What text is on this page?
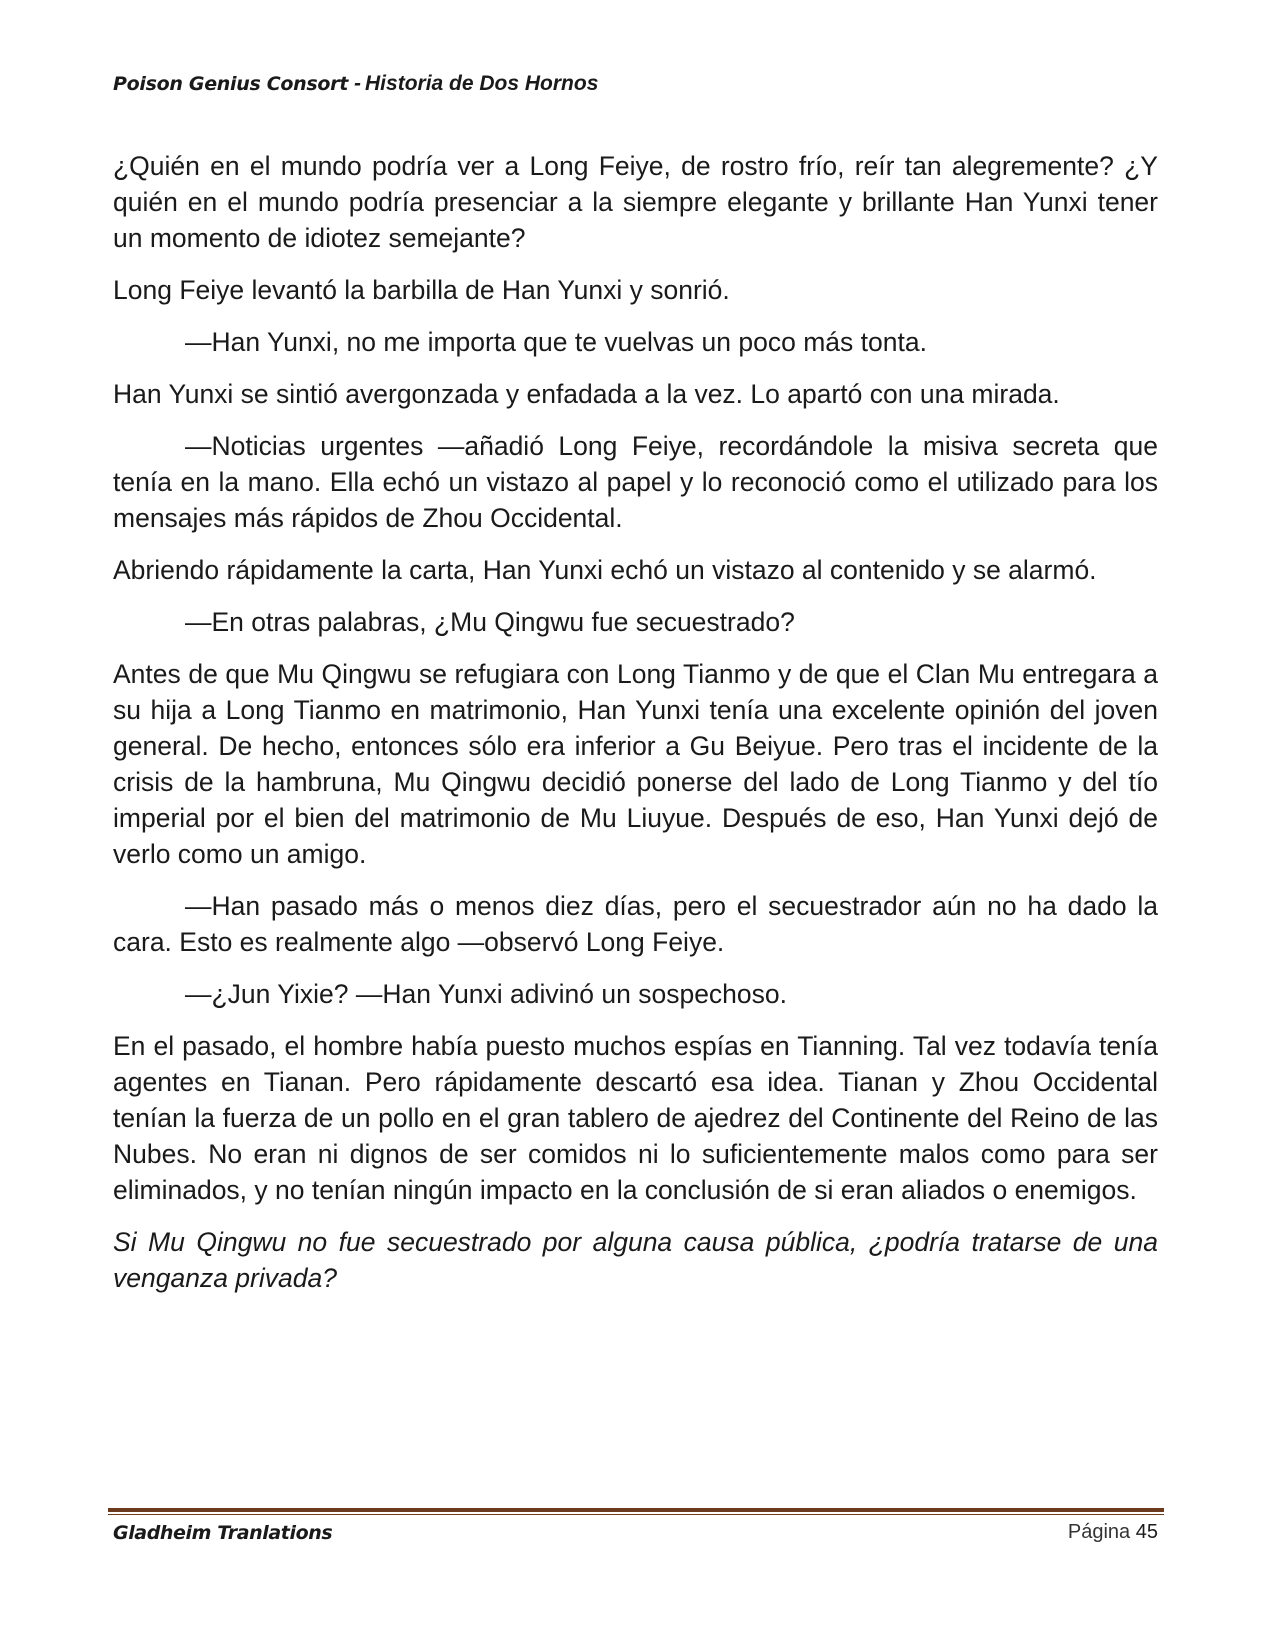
Poison Genius Consort - Historia de Dos Hornos

¿Quién en el mundo podría ver a Long Feiye, de rostro frío, reír tan alegremente? ¿Y quién en el mundo podría presenciar a la siempre elegante y brillante Han Yunxi tener un momento de idiotez semejante?

Long Feiye levantó la barbilla de Han Yunxi y sonrió.

—Han Yunxi, no me importa que te vuelvas un poco más tonta.

Han Yunxi se sintió avergonzada y enfadada a la vez. Lo apartó con una mirada.

—Noticias urgentes —añadió Long Feiye, recordándole la misiva secreta que tenía en la mano. Ella echó un vistazo al papel y lo reconoció como el utilizado para los mensajes más rápidos de Zhou Occidental.

Abriendo rápidamente la carta, Han Yunxi echó un vistazo al contenido y se alarmó.

—En otras palabras, ¿Mu Qingwu fue secuestrado?

Antes de que Mu Qingwu se refugiara con Long Tianmo y de que el Clan Mu entregara a su hija a Long Tianmo en matrimonio, Han Yunxi tenía una excelente opinión del joven general. De hecho, entonces sólo era inferior a Gu Beiyue. Pero tras el incidente de la crisis de la hambruna, Mu Qingwu decidió ponerse del lado de Long Tianmo y del tío imperial por el bien del matrimonio de Mu Liuyue. Después de eso, Han Yunxi dejó de verlo como un amigo.

—Han pasado más o menos diez días, pero el secuestrador aún no ha dado la cara. Esto es realmente algo —observó Long Feiye.

—¿Jun Yixie? —Han Yunxi adivinó un sospechoso.

En el pasado, el hombre había puesto muchos espías en Tianning. Tal vez todavía tenía agentes en Tianan. Pero rápidamente descartó esa idea. Tianan y Zhou Occidental tenían la fuerza de un pollo en el gran tablero de ajedrez del Continente del Reino de las Nubes. No eran ni dignos de ser comidos ni lo suficientemente malos como para ser eliminados, y no tenían ningún impacto en la conclusión de si eran aliados o enemigos.

Si Mu Qingwu no fue secuestrado por alguna causa pública, ¿podría tratarse de una venganza privada?

Gladheim Tranlations	Página 45
